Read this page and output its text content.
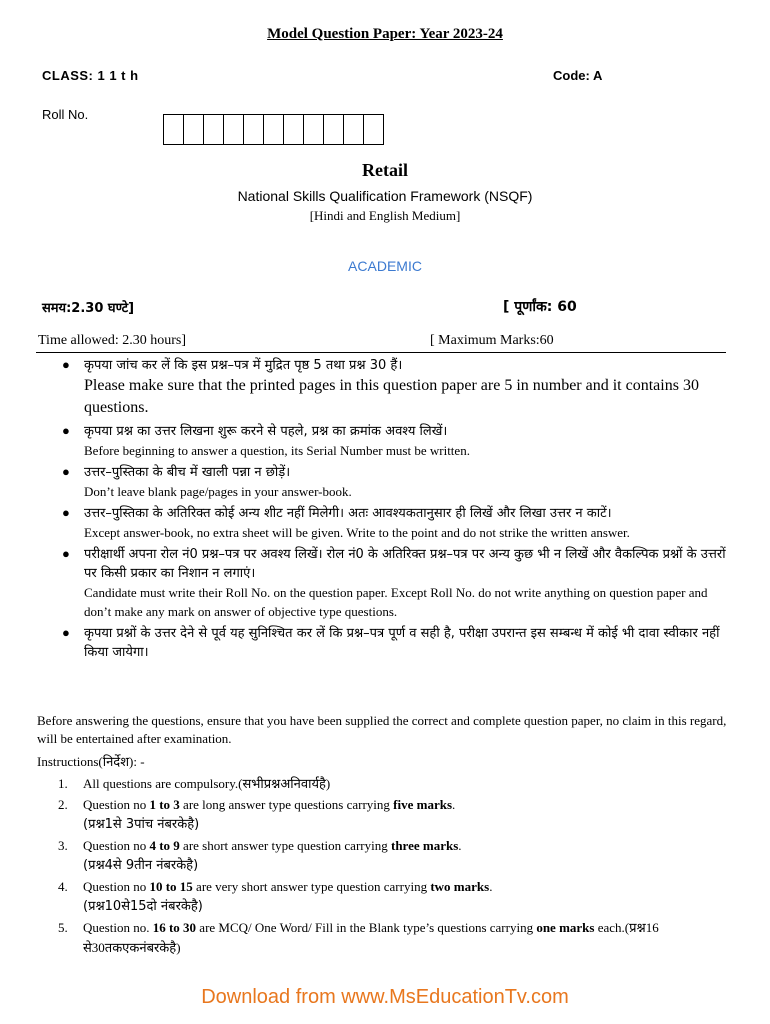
Model Question Paper: Year 2023-24
CLASS: 1 1 t h	Code: A
Roll No.
Retail
National Skills Qualification Framework (NSQF)
[Hindi and English Medium]
ACADEMIC
समय:2.30 घण्टे]	[ पूर्णांक: 60
Time allowed: 2.30 hours]	[ Maximum Marks:60
● कृपया जांच कर लें कि इस प्रश्न–पत्र में मुद्रित पृष्ठ 5 तथा प्रश्न 30 हैं।
Please make sure that the printed pages in this question paper are 5 in number and it contains 30 questions.
● कृपया प्रश्न का उत्तर लिखना शुरू करने से पहले, प्रश्न का क्रमांक अवश्य लिखें।
Before beginning to answer a question, its Serial Number must be written.
● उत्तर–पुस्तिका के बीच में खाली पन्ना न छोड़ें।
Don’t leave blank page/pages in your answer-book.
● उत्तर–पुस्तिका के अतिरिक्त कोई अन्य शीट नहीं मिलेगी। अतः आवश्यकतानुसार ही लिखें और लिखा उत्तर न काटें।
Except answer-book, no extra sheet will be given. Write to the point and do not strike the written answer.
● परीक्षार्थी अपना रोल नं0 प्रश्न–पत्र पर अवश्य लिखें। रोल नं0 के अतिरिक्त प्रश्न–पत्र पर अन्य कुछ भी न लिखें और वैकल्पिक प्रश्नों के उत्तरों पर किसी प्रकार का निशान न लगाएं।
Candidate must write their Roll No. on the question paper. Except Roll No. do not write anything on question paper and don’t make any mark on answer of objective type questions.
● कृपया प्रश्नों के उत्तर देने से पूर्व यह सुनिश्चित कर लें कि प्रश्न–पत्र पूर्ण व सही है, परीक्षा उपरान्त इस सम्बन्ध में कोई भी दावा स्वीकार नहीं किया जायेगा।
Before answering the questions, ensure that you have been supplied the correct and complete question paper, no claim in this regard, will be entertained after examination.
Instructions(निर्देश): -
1. All questions are compulsory.(सभीप्रश्नअनिवार्यहै)
2. Question no 1 to 3 are long answer type questions carrying five marks.
(प्रश्न1से 3पांच नंबरकेहै)
3. Question no 4 to 9 are short answer type question carrying three marks.
(प्रश्न4से 9तीन नंबरकेहै)
4. Question no 10 to 15 are very short answer type question carrying two marks.
(प्रश्न10से15दो नंबरकेहै)
5. Question no. 16 to 30 are MCQ/ One Word/ Fill in the Blank type’s questions carrying one marks each.(प्रश्न16 से30तकएकनंबरकेहै)
Download from www.MsEducationTv.com
